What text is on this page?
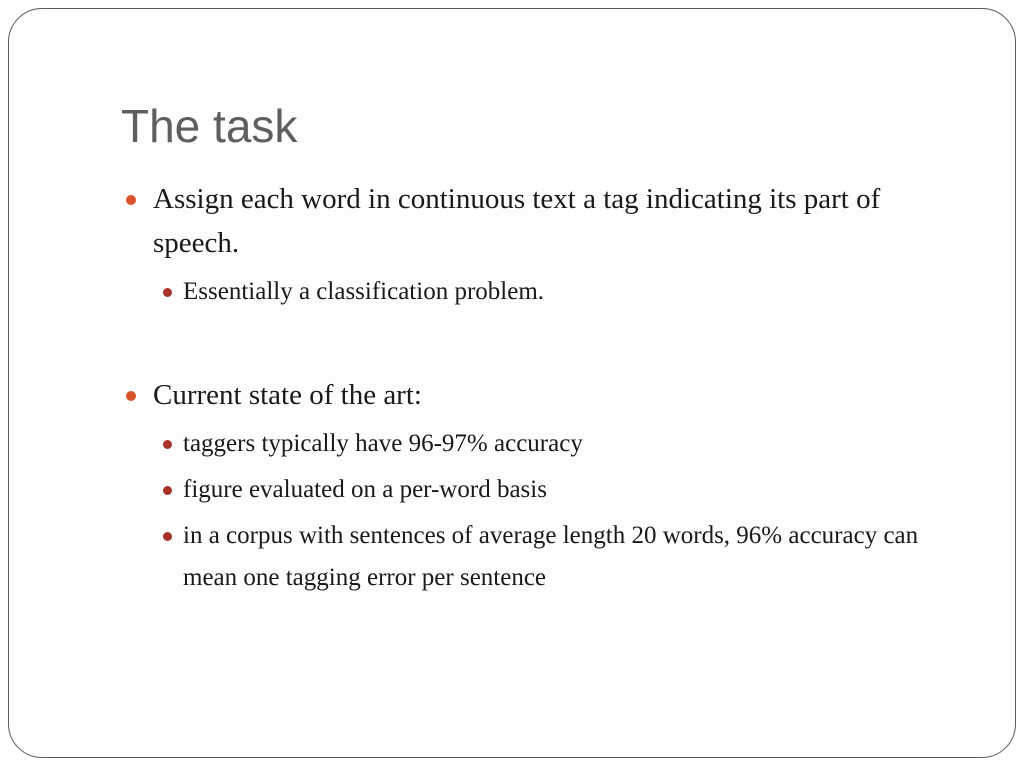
The task
Assign each word in continuous text a tag indicating its part of speech.
Essentially a classification problem.
Current state of the art:
taggers typically have 96-97% accuracy
figure evaluated on a per-word basis
in a corpus with sentences of average length 20 words, 96% accuracy can mean one tagging error per sentence
